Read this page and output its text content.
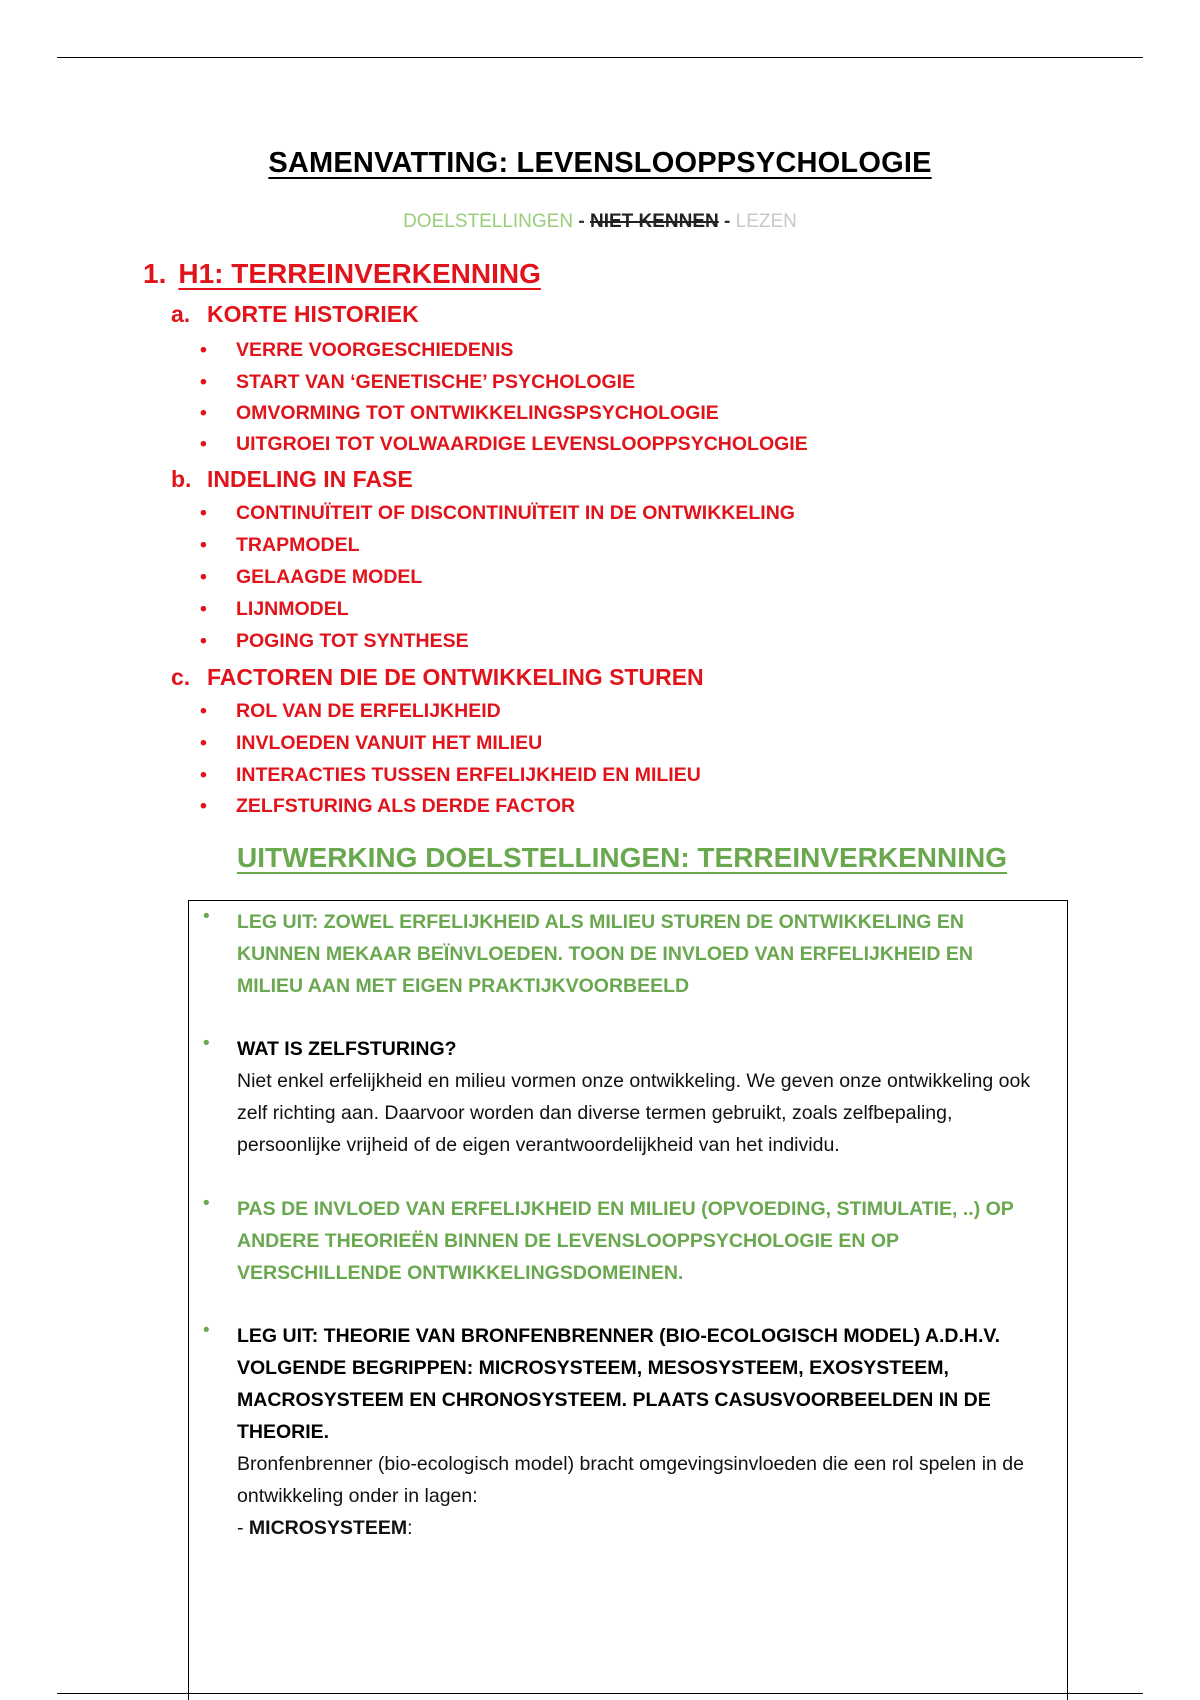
SAMENVATTING: LEVENSLOOPPSYCHOLOGIE
DOELSTELLINGEN - NIET KENNEN - LEZEN
1. H1: TERREINVERKENNING
a. KORTE HISTORIEK
• VERRE VOORGESCHIEDENIS
• START VAN ‘GENETISCHE’ PSYCHOLOGIE
• OMVORMING TOT ONTWIKKELINGSPSYCHOLOGIE
• UITGROEI TOT VOLWAARDIGE LEVENSLOOPPSYCHOLOGIE
b. INDELING IN FASE
• CONTINUÏTEIT OF DISCONTINUÏTEIT IN DE ONTWIKKELING
• TRAPMODEL
• GELAAGDE MODEL
• LIJNMODEL
• POGING TOT SYNTHESE
c. FACTOREN DIE DE ONTWIKKELING STUREN
• ROL VAN DE ERFELIJKHEID
• INVLOEDEN VANUIT HET MILIEU
• INTERACTIES TUSSEN ERFELIJKHEID EN MILIEU
• ZELFSTURING ALS DERDE FACTOR
UITWERKING DOELSTELLINGEN: TERREINVERKENNING
• LEG UIT: ZOWEL ERFELIJKHEID ALS MILIEU STUREN DE ONTWIKKELING EN KUNNEN MEKAAR BEÏNVLOEDEN. TOON DE INVLOED VAN ERFELIJKHEID EN MILIEU AAN MET EIGEN PRAKTIJKVOORBEELD
• WAT IS ZELFSTURING?
Niet enkel erfelijkheid en milieu vormen onze ontwikkeling. We geven onze ontwikkeling ook zelf richting aan. Daarvoor worden dan diverse termen gebruikt, zoals zelfbepaling, persoonlijke vrijheid of de eigen verantwoordelijkheid van het individu.
• PAS DE INVLOED VAN ERFELIJKHEID EN MILIEU (OPVOEDING, STIMULATIE, ..) OP ANDERE THEORIEËN BINNEN DE LEVENSLOOPPSYCHOLOGIE EN OP VERSCHILLENDE ONTWIKKELINGSDOMEINEN.
• LEG UIT: THEORIE VAN BRONFENBRENNER (BIO-ECOLOGISCH MODEL) A.D.H.V. VOLGENDE BEGRIPPEN: MICROSYSTEEM, MESOSYSTEEM, EXOSYSTEEM, MACROSYSTEEM EN CHRONOSYSTEEM. PLAATS CASUSVOORBEELDEN IN DE THEORIE.
Bronfenbrenner (bio-ecologisch model) bracht omgevingsinvloeden die een rol spelen in de ontwikkeling onder in lagen:
- MICROSYSTEEM:
